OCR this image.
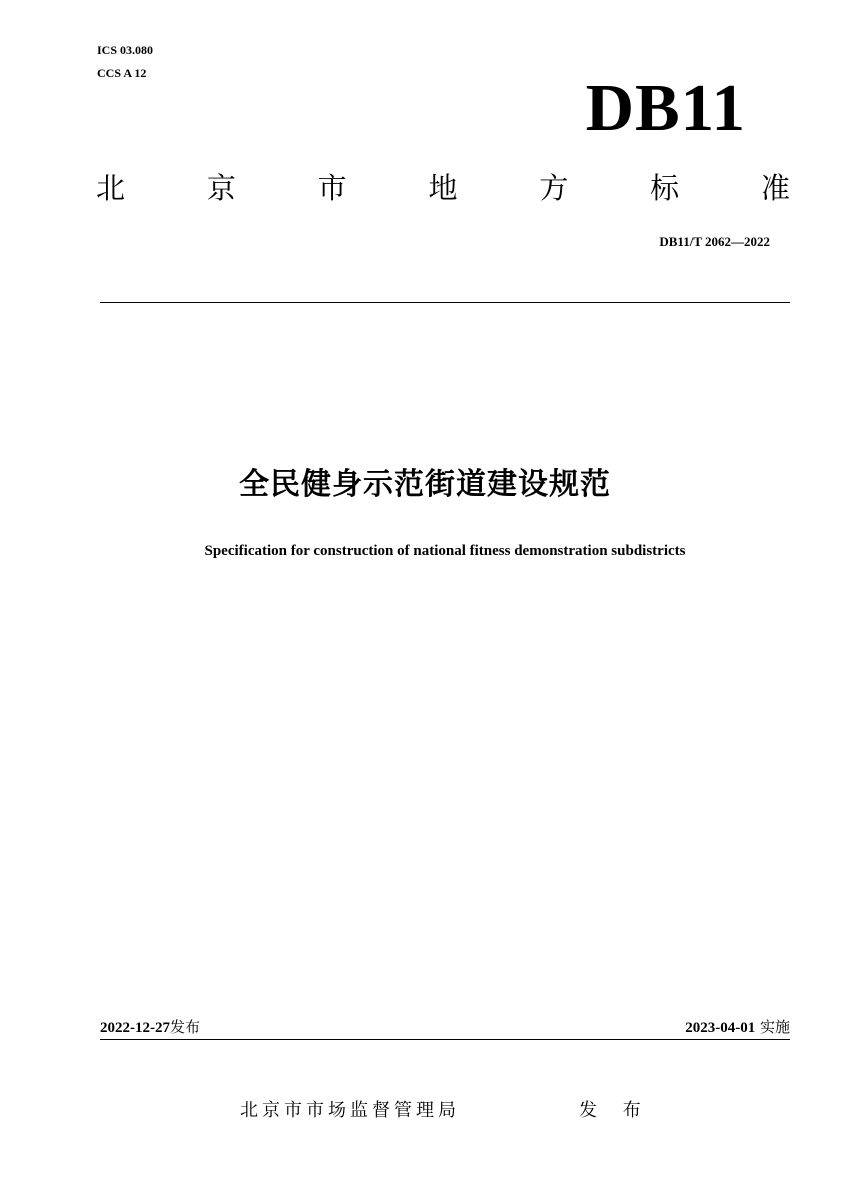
ICS 03.080
CCS A 12	DB11
北	京	市	地	方	标	准
DB11/T 2062—2022
全民健身示范街道建设规范

Specification for construction of national fitness demonstration subdistricts

2022-12-27发布	2023-04-01 实施
北京市市场监督管理局	发 布
